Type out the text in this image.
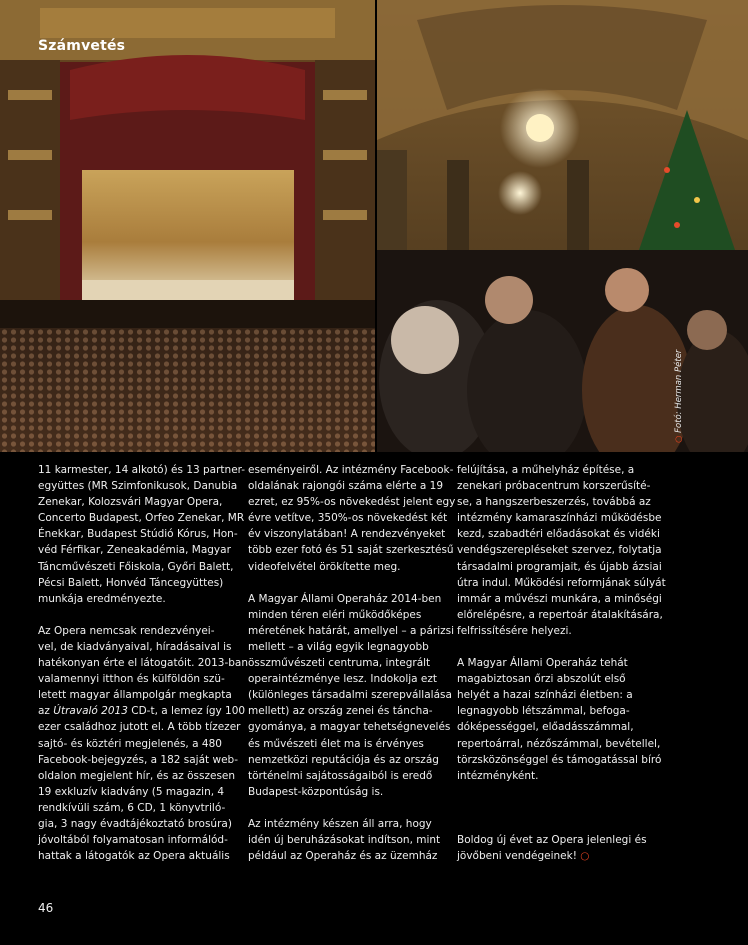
Számvetés
○ Fotó: Herman Péter

11 karmester, 14 alkotó) és 13 partner-
együttes (MR Szimfonikusok, Danubia
Zenekar, Kolozsvári Magyar Opera,
Concerto Budapest, Orfeo Zenekar, MR
Énekkar, Budapest Stúdió Kórus, Hon-
véd Férfikar, Zeneakadémia, Magyar
Táncművészeti Főiskola, Győri Balett,
Pécsi Balett, Honvéd Táncegyüttes)
munkája eredményezte.

Az Opera nemcsak rendezvényei-
vel, de kiadványaival, híradásaival is
hatékonyan érte el látogatóit. 2013-ban
valamennyi itthon és külföldön szü-
letett magyar állampolgár megkapta
az Útravaló 2013 CD-t, a lemez így 100
ezer családhoz jutott el. A több tízezer
sajtó- és köztéri megjelenés, a 480
Facebook-bejegyzés, a 182 saját web-
oldalon megjelent hír, és az összesen
19 exkluzív kiadvány (5 magazin, 4
rendkívüli szám, 6 CD, 1 könyvtriló-
gia, 3 nagy évadtájékoztató brosúra)
jóvoltából folyamatosan informálód-
hattak a látogatók az Opera aktuális

eseményeiről. Az intézmény Facebook-
oldalának rajongói száma elérte a 19
ezret, ez 95%-os növekedést jelent egy
évre vetítve, 350%-os növekedést két
év viszonylatában! A rendezvényeket
több ezer fotó és 51 saját szerkesztésű
videofelvétel örökítette meg.

A Magyar Állami Operaház 2014-ben
minden téren eléri működőképes
méretének határát, amellyel – a párizsi
mellett – a világ egyik legnagyobb
összművészeti centruma, integrált
operaintézménye lesz. Indokolja ezt
(különleges társadalmi szerepvállalása
mellett) az ország zenei és táncha-
gyománya, a magyar tehetségnevelés
és művészeti élet ma is érvényes
nemzetközi reputációja és az ország
történelmi sajátosságaiból is eredő
Budapest-központúság is.

Az intézmény készen áll arra, hogy
idén új beruházásokat indítson, mint
például az Operaház és az üzemház

felújítása, a műhelyház építése, a
zenekari próbacentrum korszerűsíté-
se, a hangszerbeszerzés, továbbá az
intézmény kamaraszínházi működésbe
kezd, szabadtéri előadásokat és vidéki
vendégszerepléseket szervez, folytatja
társadalmi programjait, és újabb ázsiai
útra indul. Működési reformjának súlyát
immár a művészi munkára, a minőségi
előrelépésre, a repertoár átalakítására,
felfrissítésére helyezi.

A Magyar Állami Operaház tehát
magabiztosan őrzi abszolút első
helyét a hazai színházi életben: a
legnagyobb létszámmal, befoga-
dóképességgel, előadásszámmal,
repertoárral, nézőszámmal, bevétellel,
törzsközönséggel és támogatással bíró
intézményként.

Boldog új évet az Opera jelenlegi és
jövőbeni vendégeinek! ○

46
